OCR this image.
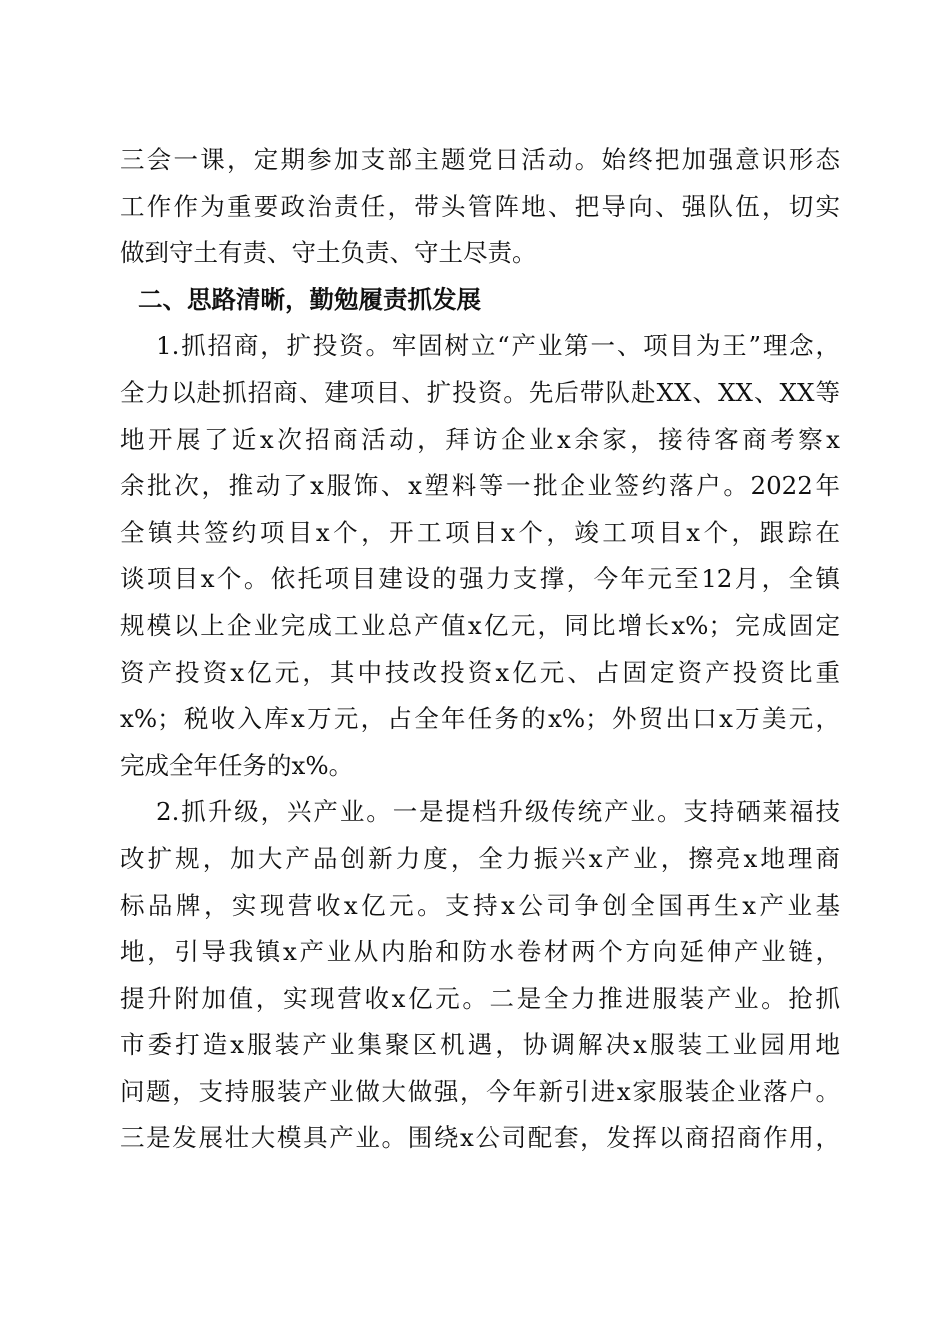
三会一课，定期参加支部主题党日活动。始终把加强意识形态
工作作为重要政治责任，带头管阵地、把导向、强队伍，切实
做到守土有责、守土负责、守土尽责。
二、思路清晰，勤勉履责抓发展
1.抓招商，扩投资。牢固树立“产业第一、项目为王”理念，
全力以赴抓招商、建项目、扩投资。先后带队赴XX、XX、XX等
地开展了近x次招商活动，拜访企业x余家，接待客商考察x
余批次，推动了x服饰、x塑料等一批企业签约落户。2022年
全镇共签约项目x个，开工项目x个，竣工项目x个，跟踪在
谈项目x个。依托项目建设的强力支撑，今年元至12月，全镇
规模以上企业完成工业总产值x亿元，同比增长x%；完成固定
资产投资x亿元，其中技改投资x亿元、占固定资产投资比重
x%；税收入库x万元，占全年任务的x%；外贸出口x万美元，
完成全年任务的x%。
2.抓升级，兴产业。一是提档升级传统产业。支持硒莱福技
改扩规，加大产品创新力度，全力振兴x产业，擦亮x地理商
标品牌，实现营收x亿元。支持x公司争创全国再生x产业基
地，引导我镇x产业从内胎和防水卷材两个方向延伸产业链，
提升附加值，实现营收x亿元。二是全力推进服装产业。抢抓
市委打造x服装产业集聚区机遇，协调解决x服装工业园用地
问题，支持服装产业做大做强，今年新引进x家服装企业落户。
三是发展壮大模具产业。围绕x公司配套，发挥以商招商作用，
